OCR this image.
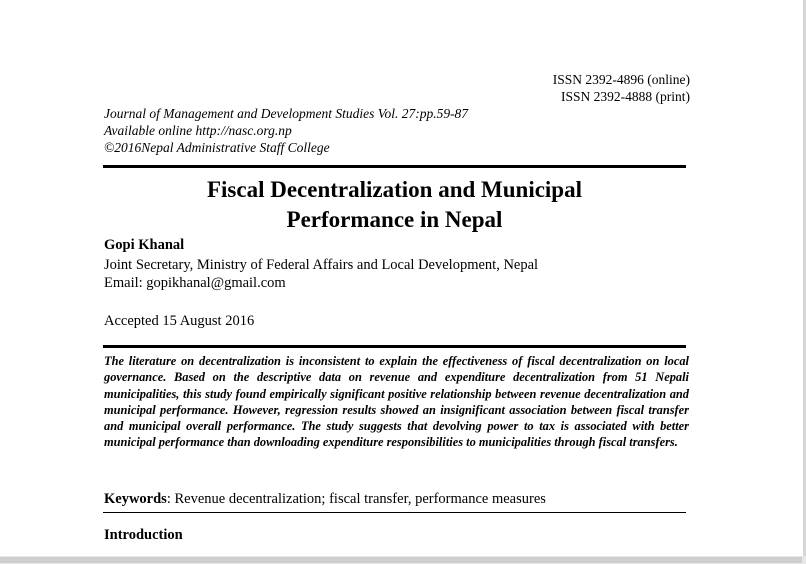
ISSN 2392-4896 (online)
ISSN 2392-4888 (print)
Journal of Management and Development Studies Vol. 27:pp.59-87
Available online http://nasc.org.np
©2016Nepal Administrative Staff College
Fiscal Decentralization and Municipal
Performance in Nepal
Gopi Khanal
Joint Secretary, Ministry of Federal Affairs and Local Development, Nepal
Email: gopikhanal@gmail.com
Accepted 15 August 2016
The literature on decentralization is inconsistent to explain the effectiveness of fiscal decentralization on local governance. Based on the descriptive data on revenue and expenditure decentralization from 51 Nepali municipalities, this study found empirically significant positive relationship between revenue decentralization and municipal performance. However, regression results showed an insignificant association between fiscal transfer and municipal overall performance. The study suggests that devolving power to tax is associated with better municipal performance than downloading expenditure responsibilities to municipalities through fiscal transfers.
Keywords: Revenue decentralization; fiscal transfer, performance measures
Introduction
